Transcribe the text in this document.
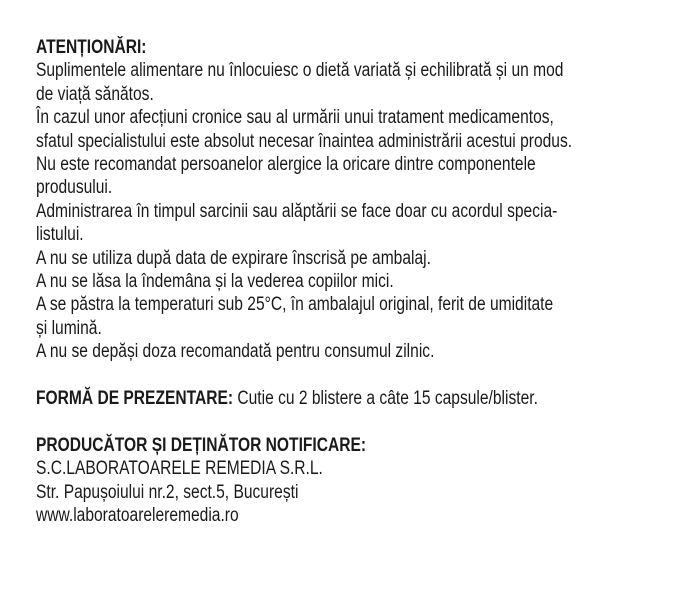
ATENȚIONĂRI:
Suplimentele alimentare nu înlocuiesc o dietă variată și echilibrată și un mod
de viață sănătos.
În cazul unor afecțiuni cronice sau al urmării unui tratament medicamentos,
sfatul specialistului este absolut necesar înaintea administrării acestui produs.
Nu este recomandat persoanelor alergice la oricare dintre componentele
produsului.
Administrarea în timpul sarcinii sau alăptării se face doar cu acordul specia-
listului.
A nu se utiliza după data de expirare înscrisă pe ambalaj.
A nu se lăsa la îndemâna și la vederea copiilor mici.
A se păstra la temperaturi sub 25°C, în ambalajul original, ferit de umiditate
și lumină.
A nu se depăși doza recomandată pentru consumul zilnic.
FORMĂ DE PREZENTARE: Cutie cu 2 blistere a câte 15 capsule/blister.
PRODUCĂTOR ȘI DEȚINĂTOR NOTIFICARE:
S.C.LABORATOARELE REMEDIA S.R.L.
Str. Papușoiului nr.2, sect.5, București
www.laboratoareleremedia.ro
